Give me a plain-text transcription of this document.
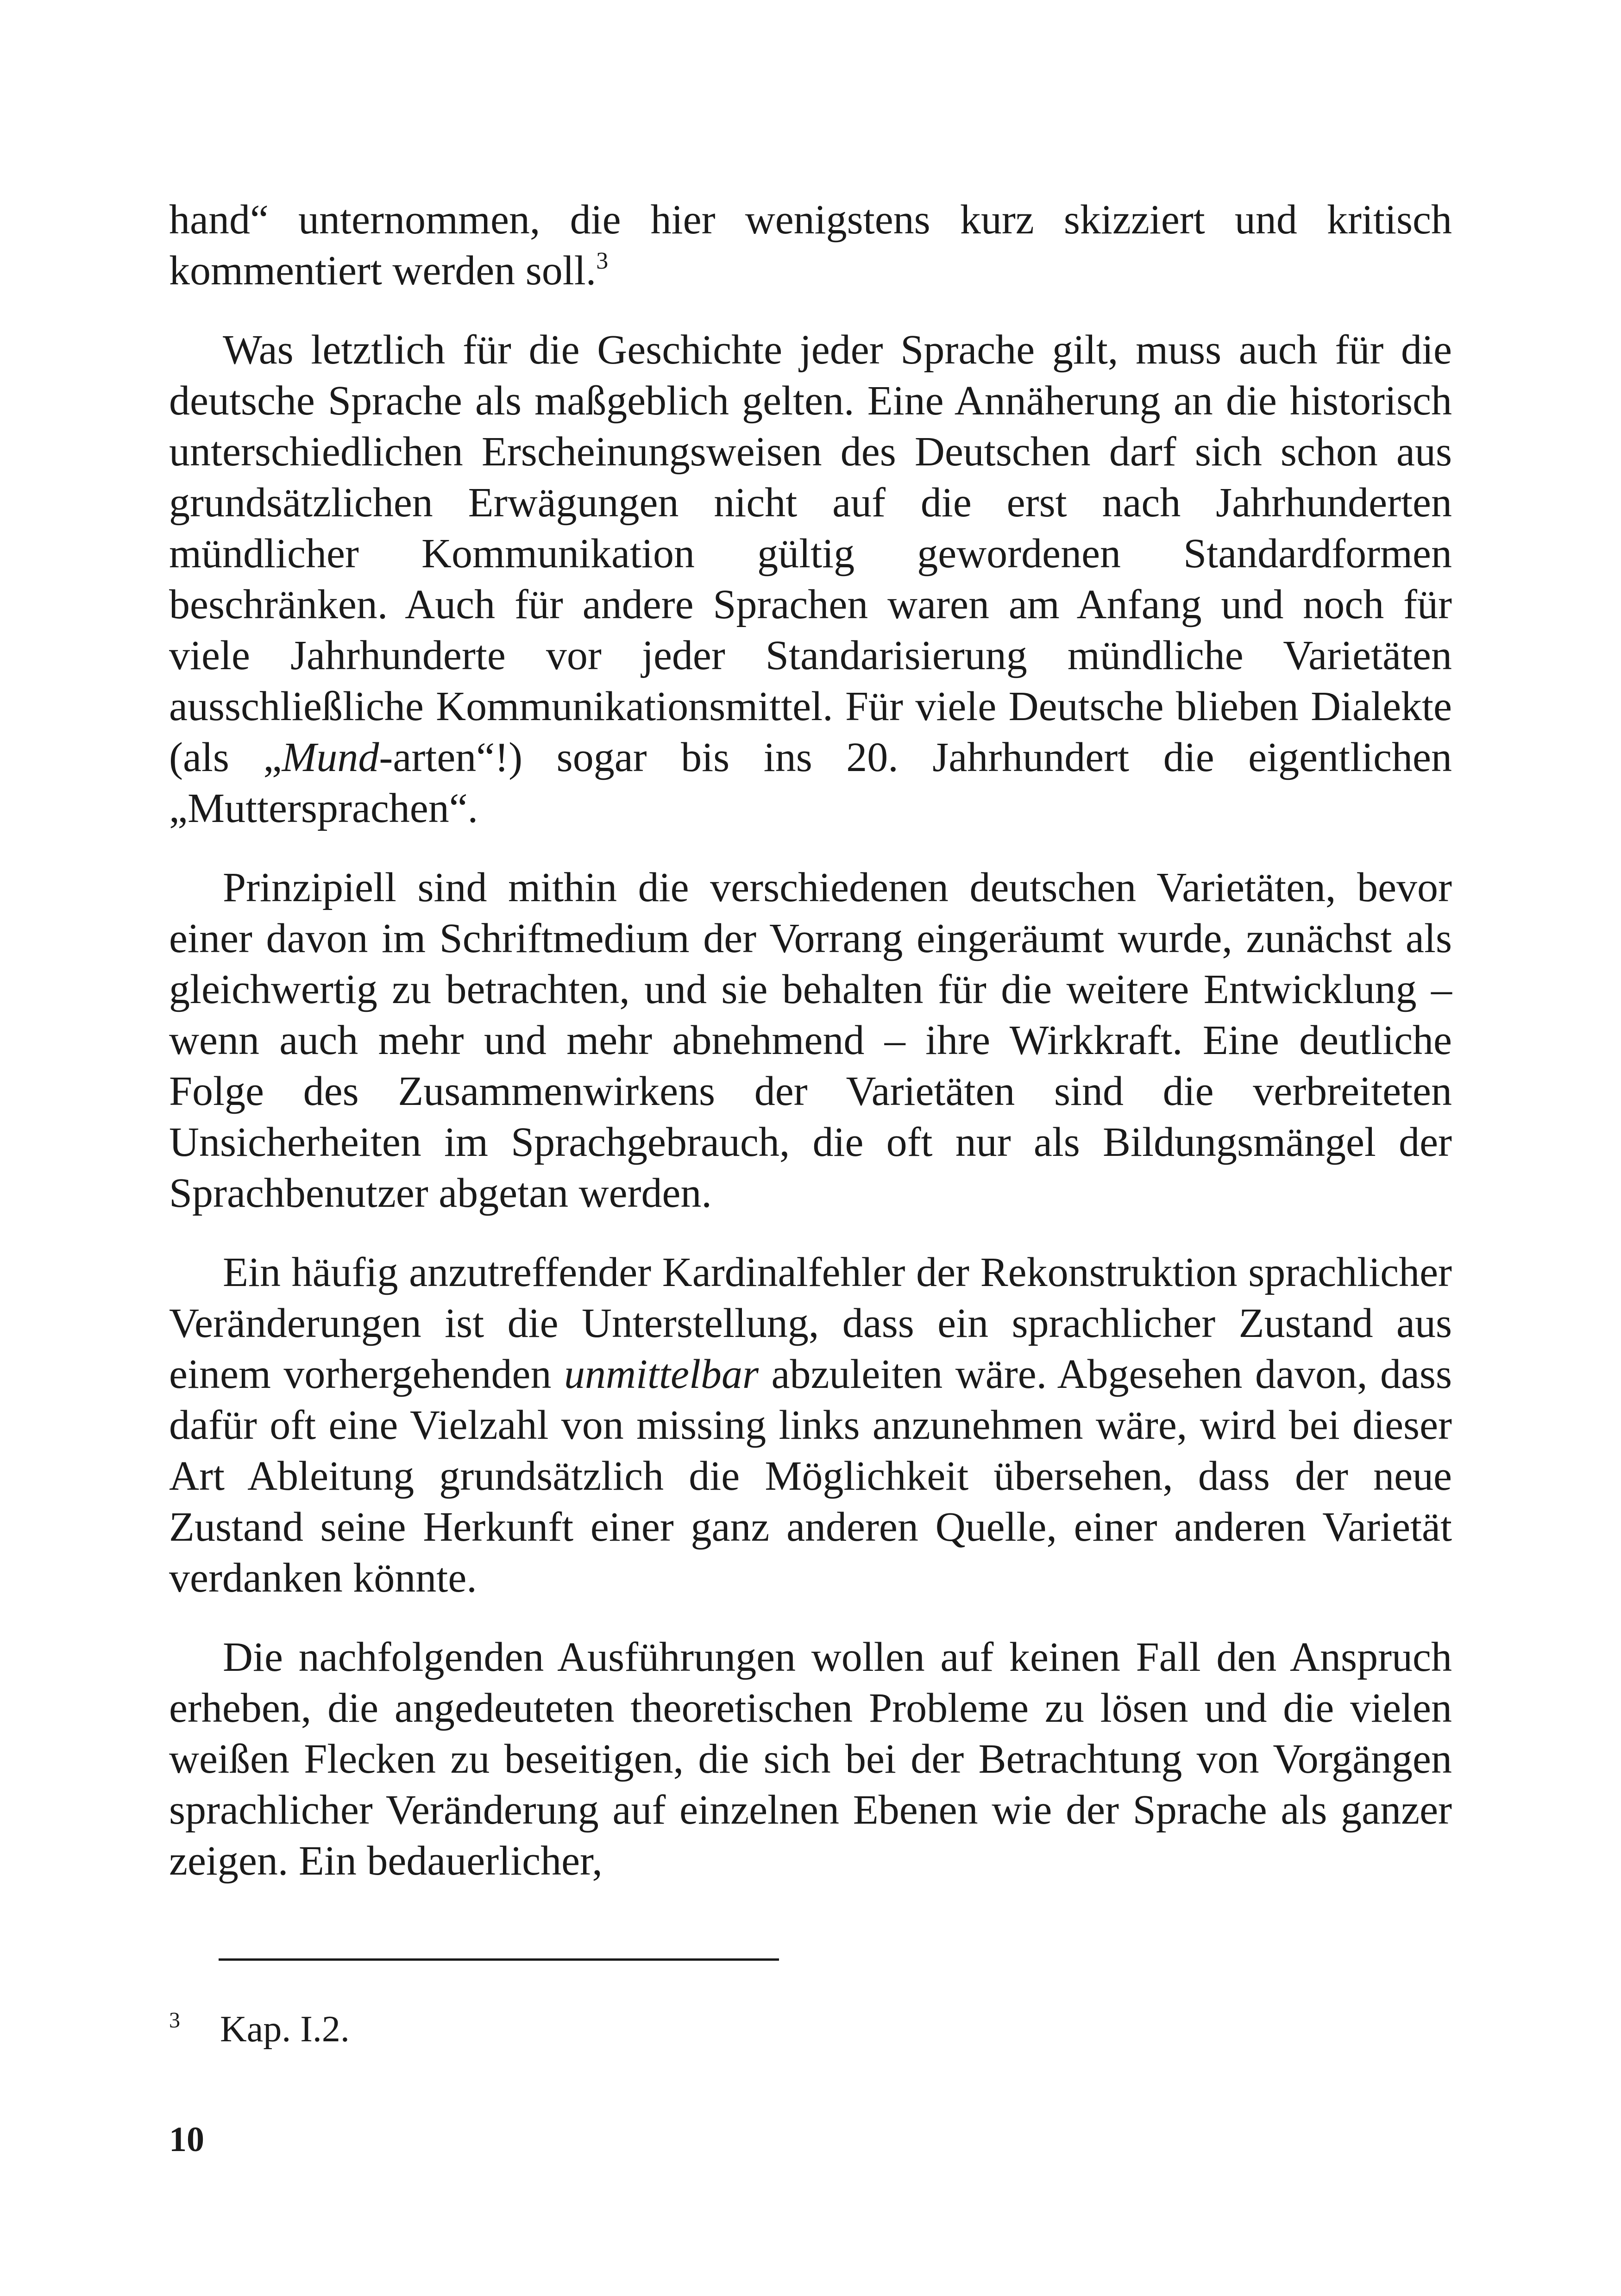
hand“ unternommen, die hier wenigstens kurz skizziert und kritisch kommentiert werden soll.$^3$

Was letztlich für die Geschichte jeder Sprache gilt, muss auch für die deutsche Sprache als maßgeblich gelten. Eine Annäherung an die historisch unterschiedlichen Erscheinungsweisen des Deutschen darf sich schon aus grundsätzlichen Erwägungen nicht auf die erst nach Jahrhunderten mündlicher Kommunikation gültig gewordenen Standardformen beschränken. Auch für andere Sprachen waren am Anfang und noch für viele Jahrhunderte vor jeder Standarisierung mündliche Varietäten ausschließliche Kommunikationsmittel. Für viele Deutsche blieben Dialekte (als „Mund-arten“!) sogar bis ins 20. Jahrhundert die eigentlichen „Muttersprachen“.

Prinzipiell sind mithin die verschiedenen deutschen Varietäten, bevor einer davon im Schriftmedium der Vorrang eingeräumt wurde, zunächst als gleichwertig zu betrachten, und sie behalten für die weitere Entwicklung – wenn auch mehr und mehr abnehmend – ihre Wirkkraft. Eine deutliche Folge des Zusammenwirkens der Varietäten sind die verbreiteten Unsicherheiten im Sprachgebrauch, die oft nur als Bildungsmängel der Sprachbenutzer abgetan werden.

Ein häufig anzutreffender Kardinalfehler der Rekonstruktion sprachlicher Veränderungen ist die Unterstellung, dass ein sprachlicher Zustand aus einem vorhergehenden unmittelbar abzuleiten wäre. Abgesehen davon, dass dafür oft eine Vielzahl von missing links anzunehmen wäre, wird bei dieser Art Ableitung grundsätzlich die Möglichkeit übersehen, dass der neue Zustand seine Herkunft einer ganz anderen Quelle, einer anderen Varietät verdanken könnte.

Die nachfolgenden Ausführungen wollen auf keinen Fall den Anspruch erheben, die angedeuteten theoretischen Probleme zu lösen und die vielen weißen Flecken zu beseitigen, die sich bei der Betrachtung von Vorgängen sprachlicher Veränderung auf einzelnen Ebenen wie der Sprache als ganzer zeigen. Ein bedauerlicher,

3 Kap. I.2.
10
